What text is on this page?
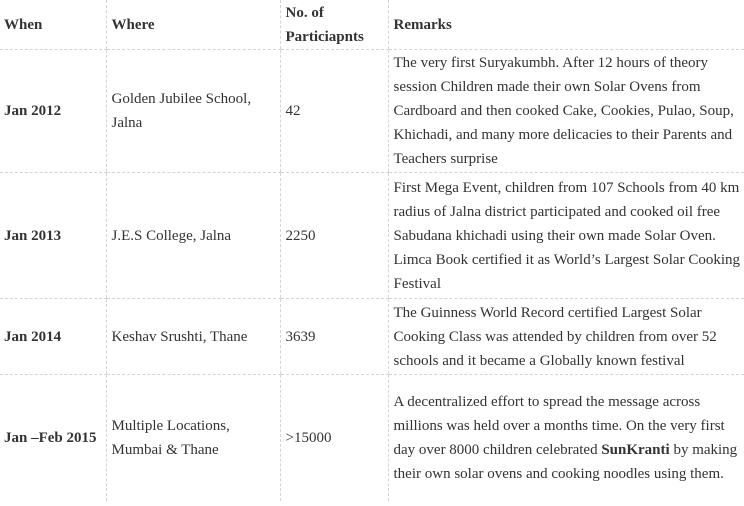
When	Where	No. of Particiapnts	Remarks
Jan 2012	Golden Jubilee School, Jalna	42	The very first Suryakumbh. After 12 hours of theory session Children made their own Solar Ovens from Cardboard and then cooked Cake, Cookies, Pulao, Soup, Khichadi, and many more delicacies to their Parents and Teachers surprise
Jan 2013	J.E.S College, Jalna	2250	First Mega Event, children from 107 Schools from 40 km radius of Jalna district participated and cooked oil free Sabudana khichadi using their own made Solar Oven. Limca Book certified it as World’s Largest Solar Cooking Festival
Jan 2014	Keshav Srushti, Thane	3639	The Guinness World Record certified Largest Solar Cooking Class was attended by children from over 52 schools and it became a Globally known festival
Jan –Feb 2015	Multiple Locations, Mumbai & Thane	>15000	A decentralized effort to spread the message across millions was held over a months time. On the very first day over 8000 children celebrated SunKranti by making their own solar ovens and cooking noodles using them.
